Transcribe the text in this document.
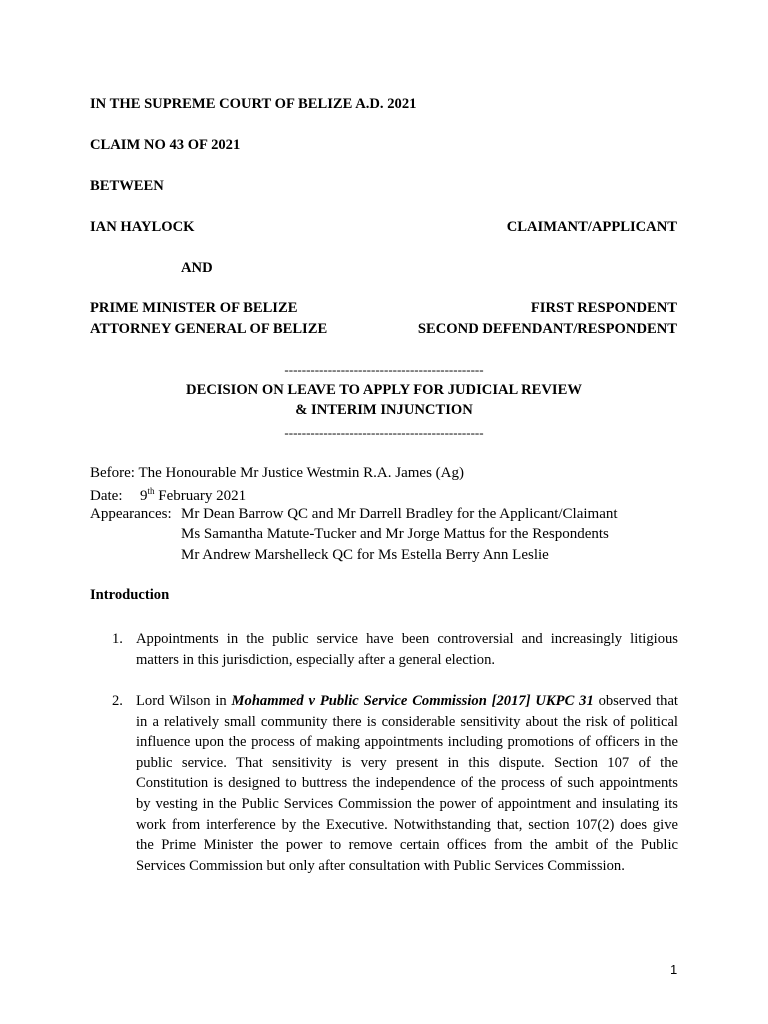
IN THE SUPREME COURT OF BELIZE A.D. 2021
CLAIM NO 43 OF 2021
BETWEEN
IAN HAYLOCK	CLAIMANT/APPLICANT
AND
PRIME MINISTER OF BELIZE	FIRST RESPONDENT
ATTORNEY GENERAL OF BELIZE	SECOND DEFENDANT/RESPONDENT
----------------------------------------------
DECISION ON LEAVE TO APPLY FOR JUDICIAL REVIEW
& INTERIM INJUNCTION
----------------------------------------------
Before: The Honourable Mr Justice Westmin R.A. James (Ag)
Date: 9th February 2021
Appearances: Mr Dean Barrow QC and Mr Darrell Bradley for the Applicant/Claimant
Ms Samantha Matute-Tucker and Mr Jorge Mattus for the Respondents
Mr Andrew Marshelleck QC for Ms Estella Berry Ann Leslie
Introduction
1. Appointments in the public service have been controversial and increasingly litigious
matters in this jurisdiction, especially after a general election.
2. Lord Wilson in Mohammed v Public Service Commission [2017] UKPC 31 observed that
in a relatively small community there is considerable sensitivity about the risk of political
influence upon the process of making appointments including promotions of officers in the
public service. That sensitivity is very present in this dispute. Section 107 of the
Constitution is designed to buttress the independence of the process of such appointments
by vesting in the Public Services Commission the power of appointment and insulating its
work from interference by the Executive. Notwithstanding that, section 107(2) does give
the Prime Minister the power to remove certain offices from the ambit of the Public
Services Commission but only after consultation with Public Services Commission.
1
